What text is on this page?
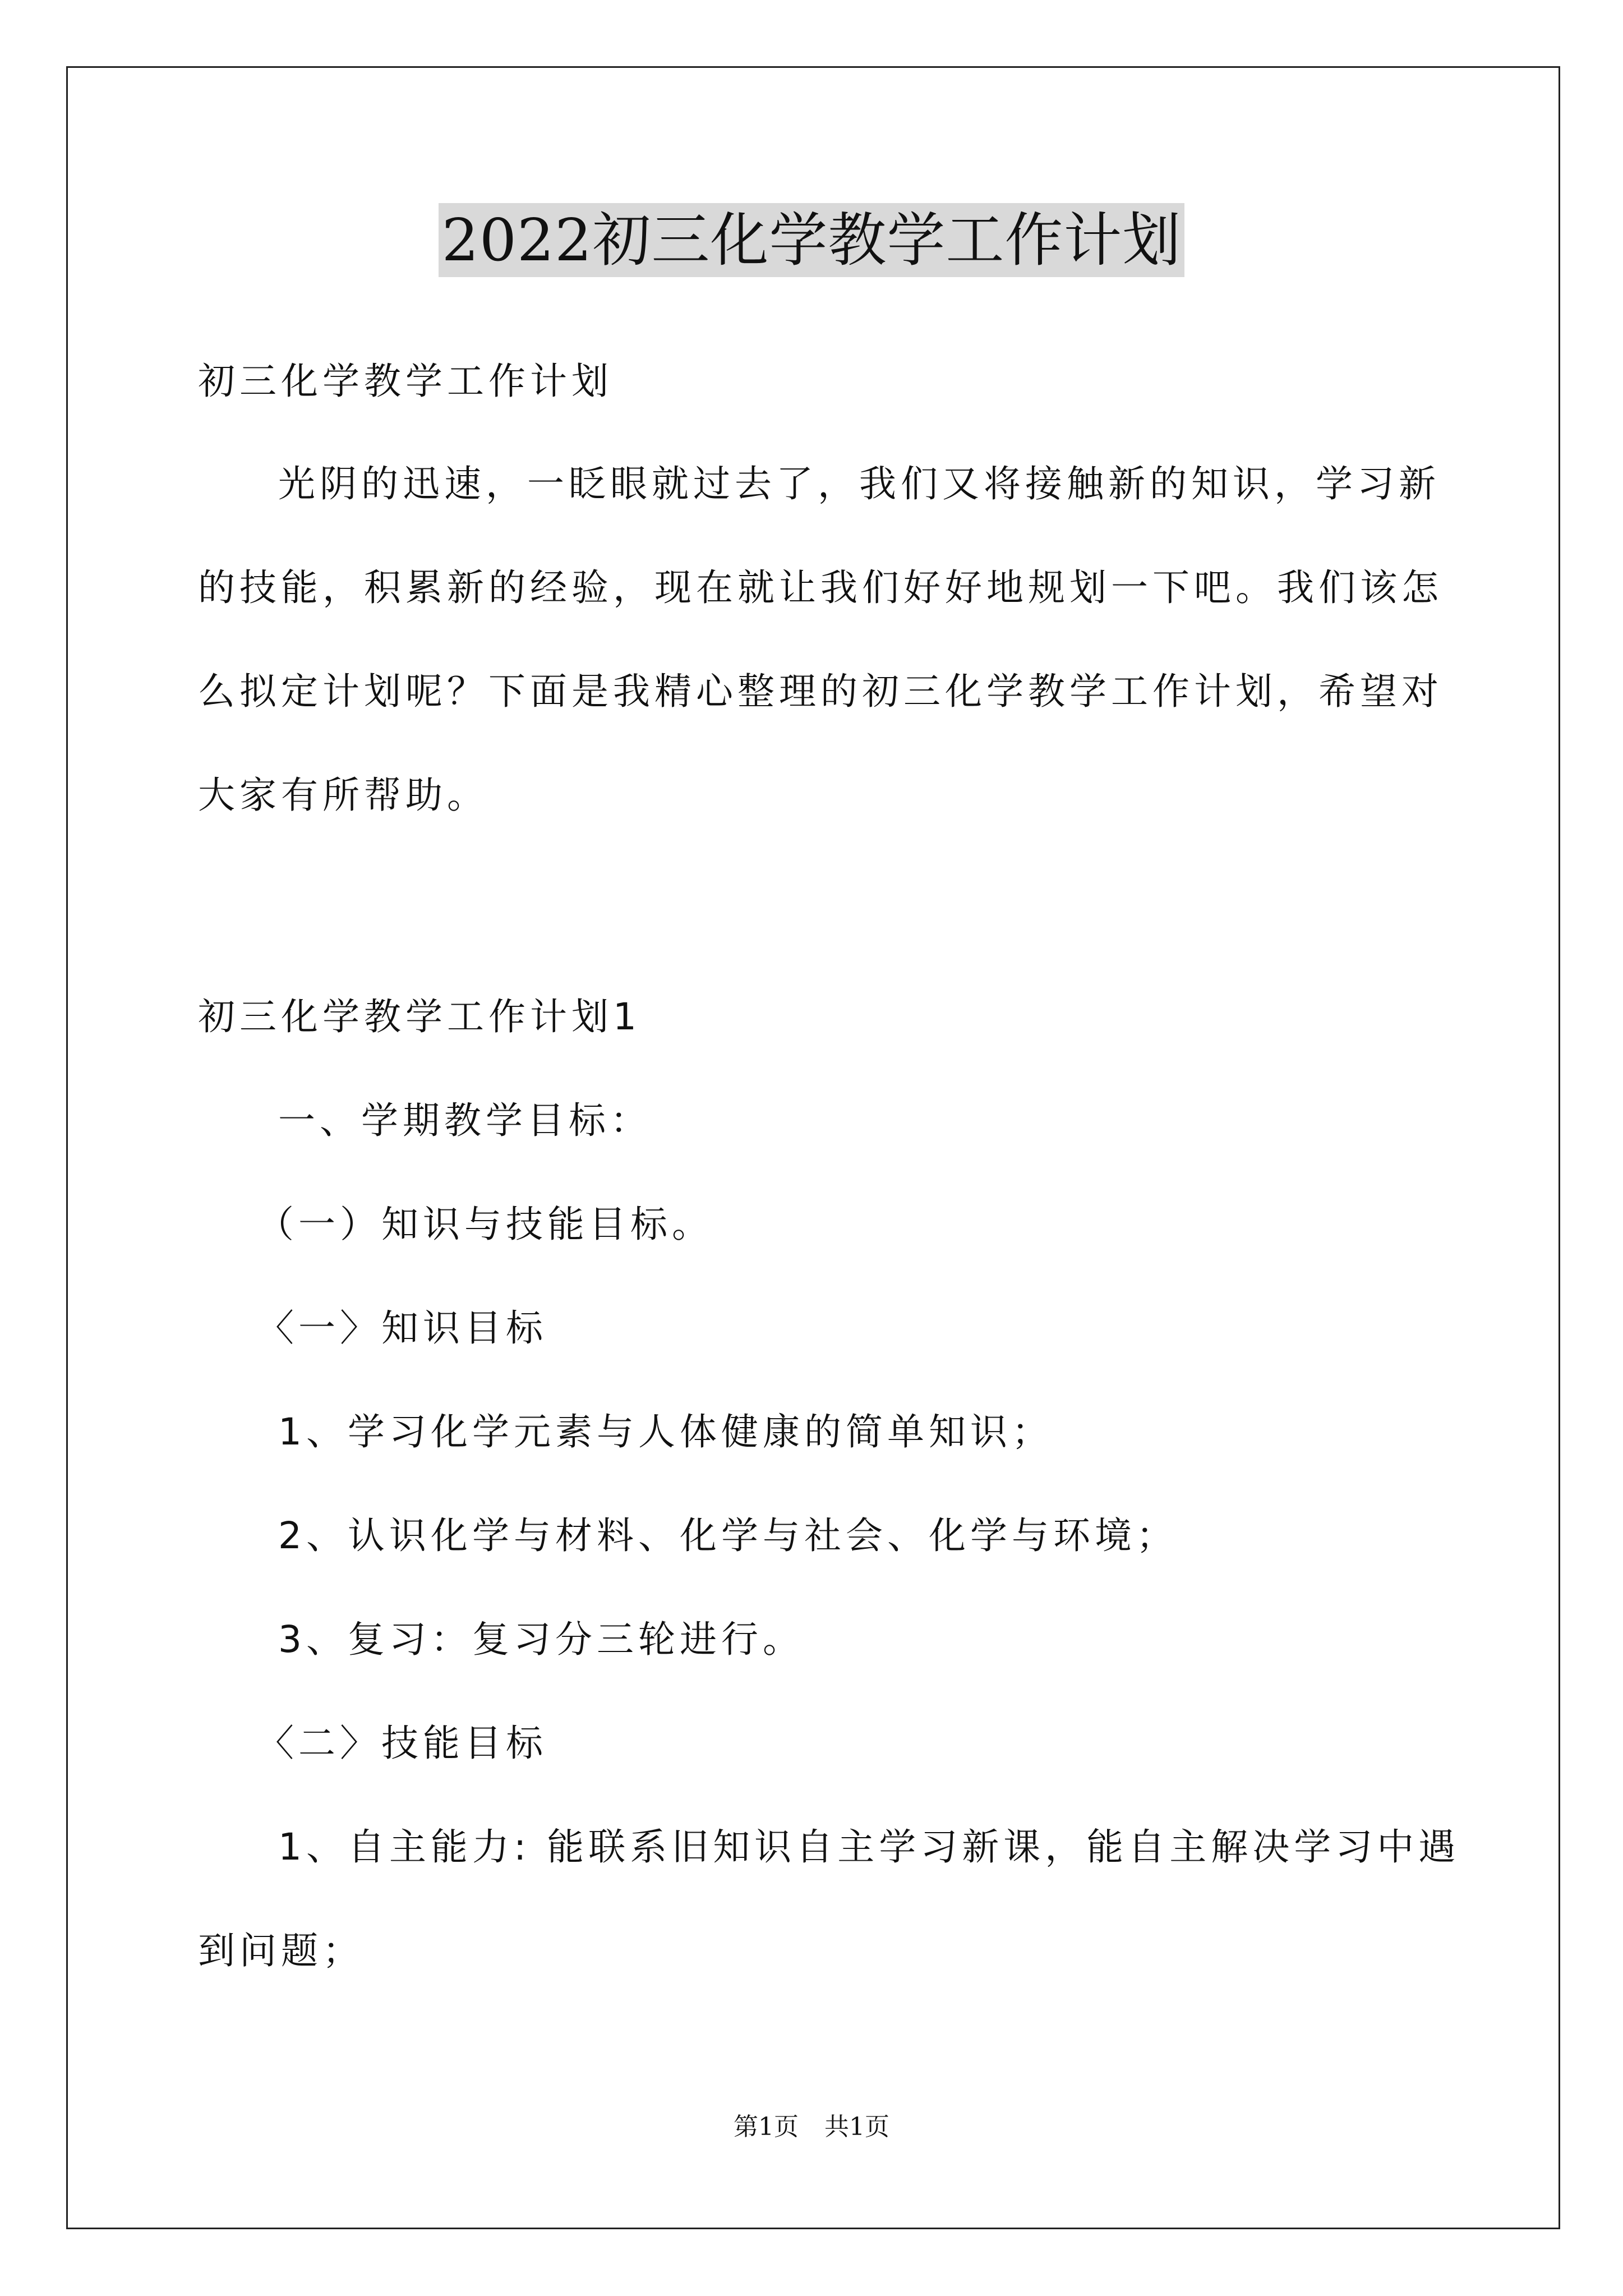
2022初三化学教学工作计划
初三化学教学工作计划
光阴的迅速，一眨眼就过去了，我们又将接触新的知识，学习新
的技能，积累新的经验，现在就让我们好好地规划一下吧。我们该怎
么拟定计划呢？下面是我精心整理的初三化学教学工作计划，希望对
大家有所帮助。
初三化学教学工作计划1
一、学期教学目标：
（一）知识与技能目标。
〈一〉知识目标
1、学习化学元素与人体健康的简单知识；
2、认识化学与材料、化学与社会、化学与环境；
3、复习：复习分三轮进行。
〈二〉技能目标
1、自主能力: 能联系旧知识自主学习新课，能自主解决学习中遇
到问题；
第1页 共1页
